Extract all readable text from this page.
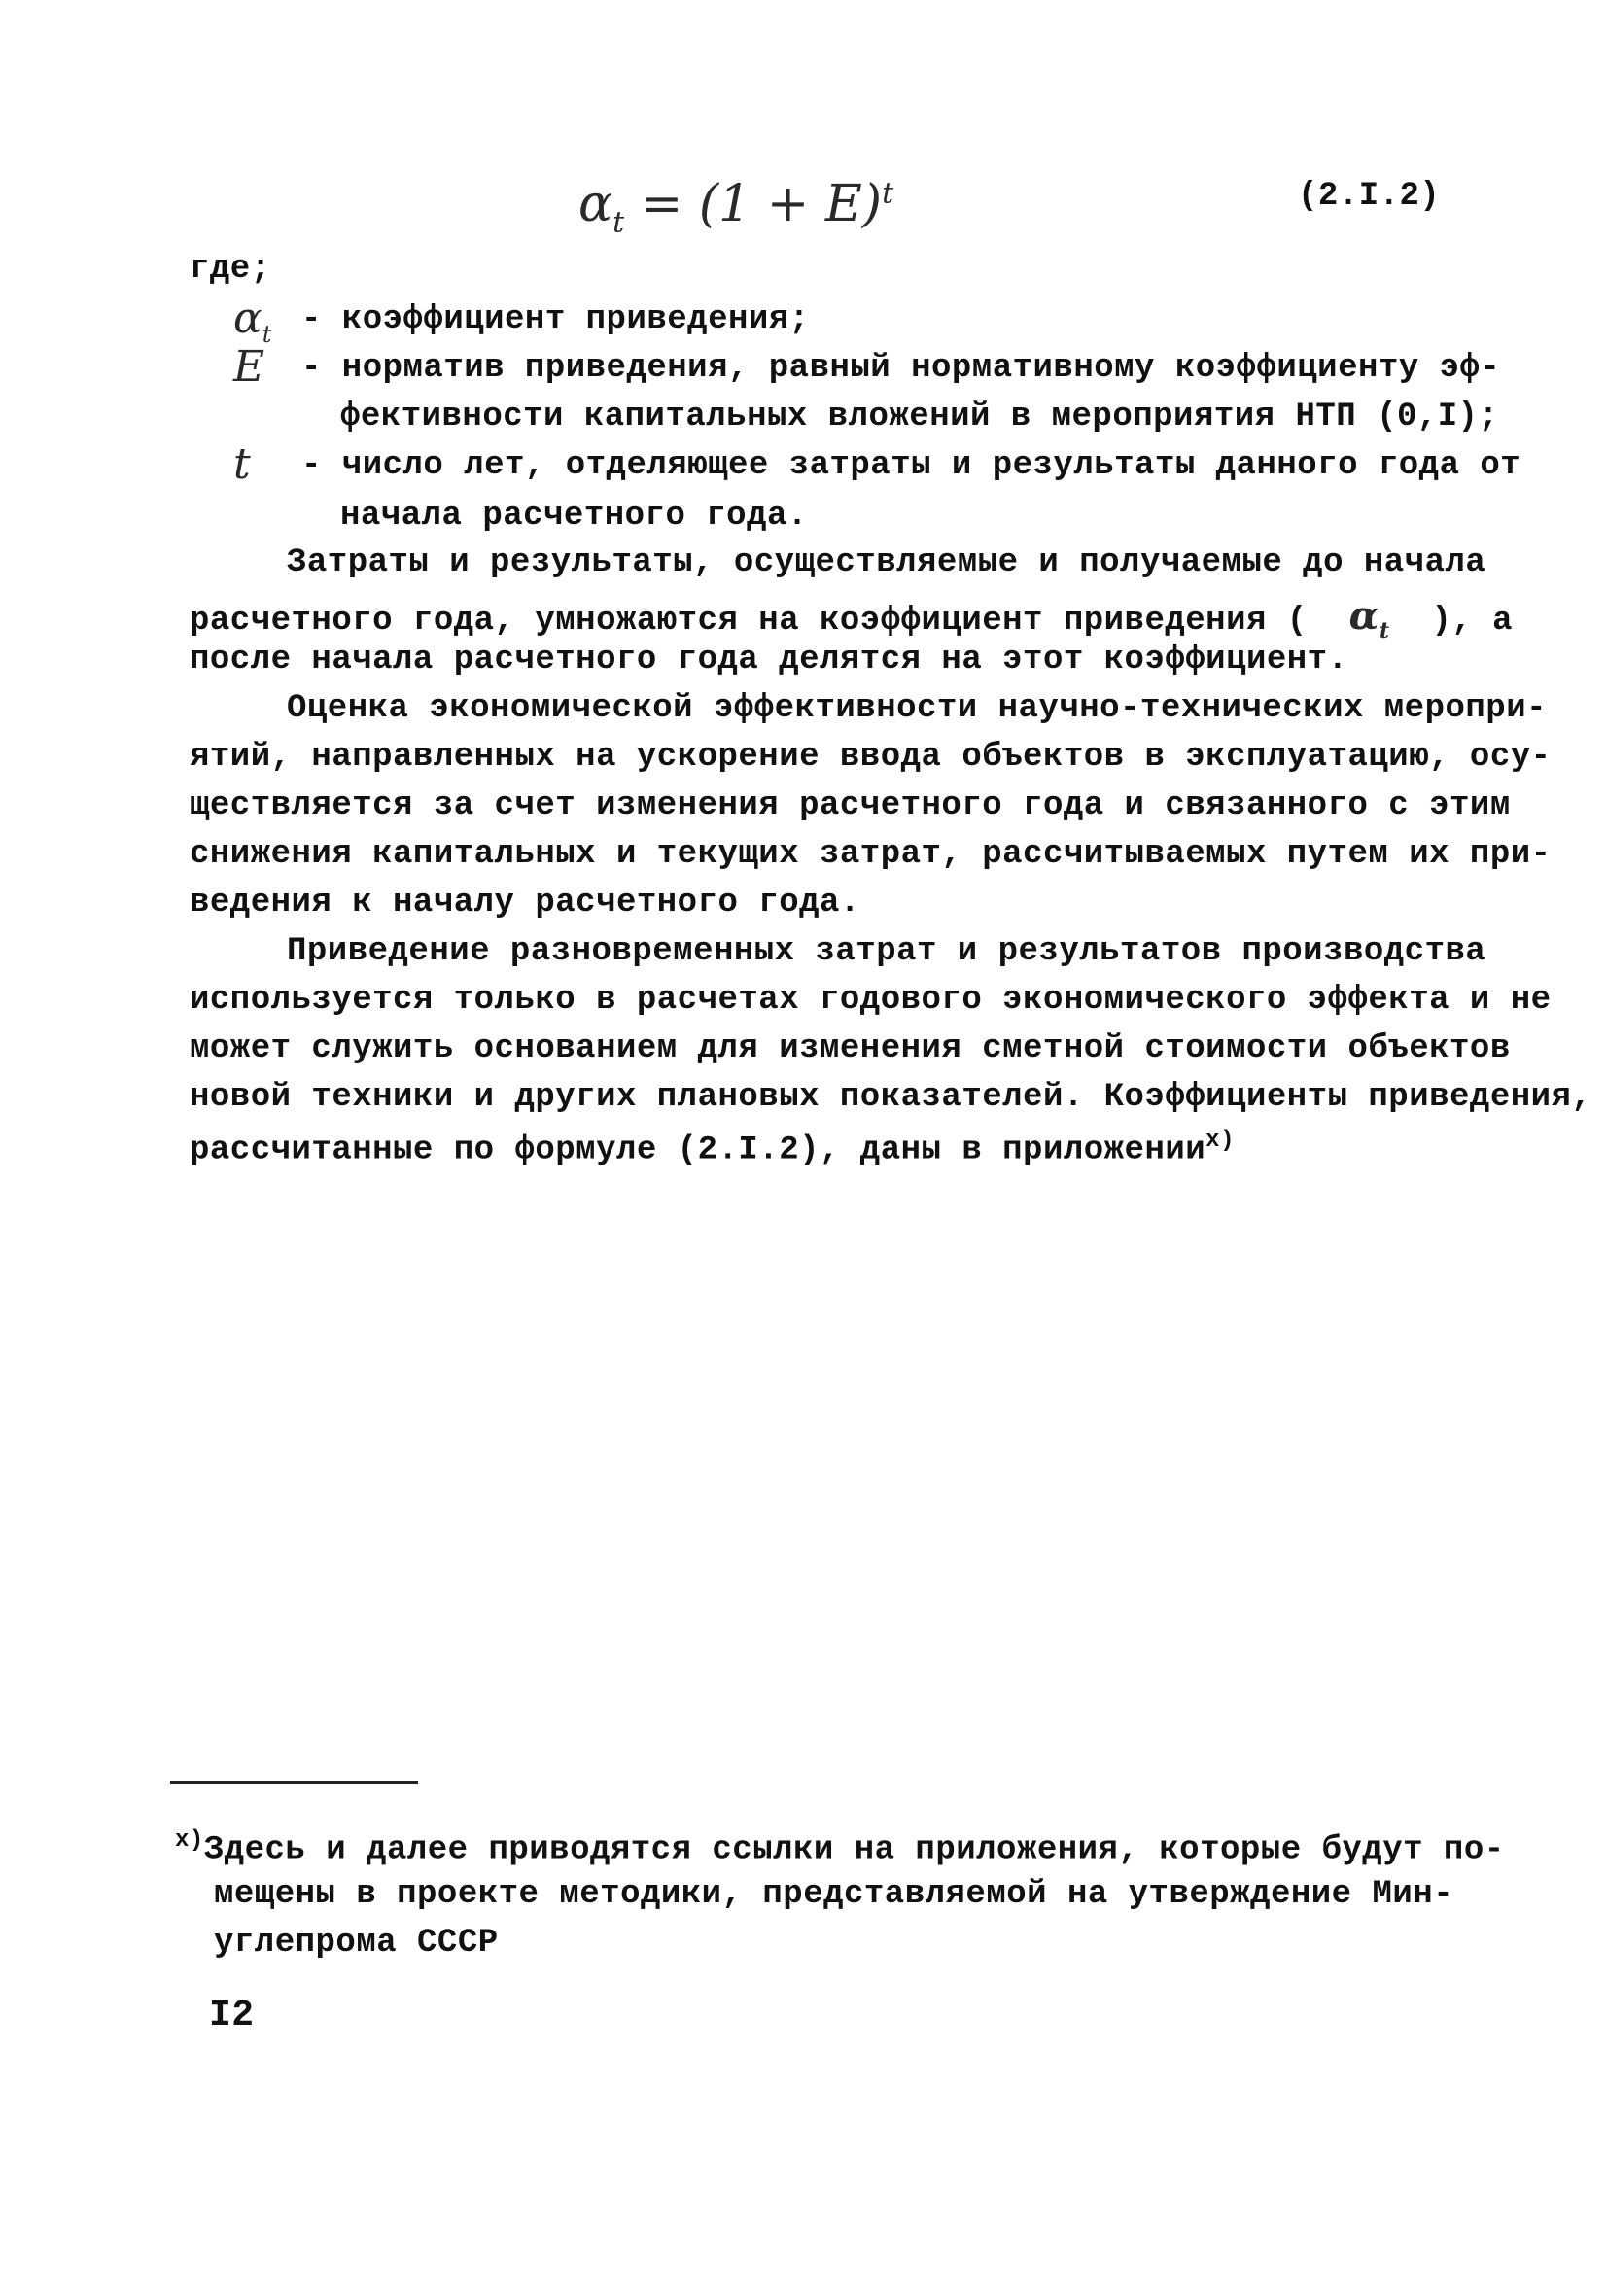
$\alpha_t = (1 + E)^t$	(2.I.2)
где;
$\alpha_t$ - коэффициент приведения;
E	- норматив приведения, равный нормативному коэффициенту эф-
фективности капитальных вложений в мероприятия НТП (0,I);
t	- число лет, отделяющее затраты и результаты данного года от
начала расчетного года.
Затраты и результаты, осуществляемые и получаемые до начала
расчетного года, умножаются на коэффициент приведения ( $\alpha_t$ ), а
после начала расчетного года делятся на этот коэффициент.
Оценка экономической эффективности научно-технических меропри-
ятий, направленных на ускорение ввода объектов в эксплуатацию, осу-
ществляется за счет изменения расчетного года и связанного с этим
снижения капитальных и текущих затрат, рассчитываемых путем их при-
ведения к началу расчетного года.
Приведение разновременных затрат и результатов производства
используется только в расчетах годового экономического эффекта и не
может служить основанием для изменения сметной стоимости объектов
новой техники и других плановых показателей. Коэффициенты приведения,
рассчитанные по формуле (2.I.2), даны в приложении$^{х)}$
$^{х)}$Здесь и далее приводятся ссылки на приложения, которые будут по-
мещены в проекте методики, представляемой на утверждение Мин-
углепрома СССР
I2
